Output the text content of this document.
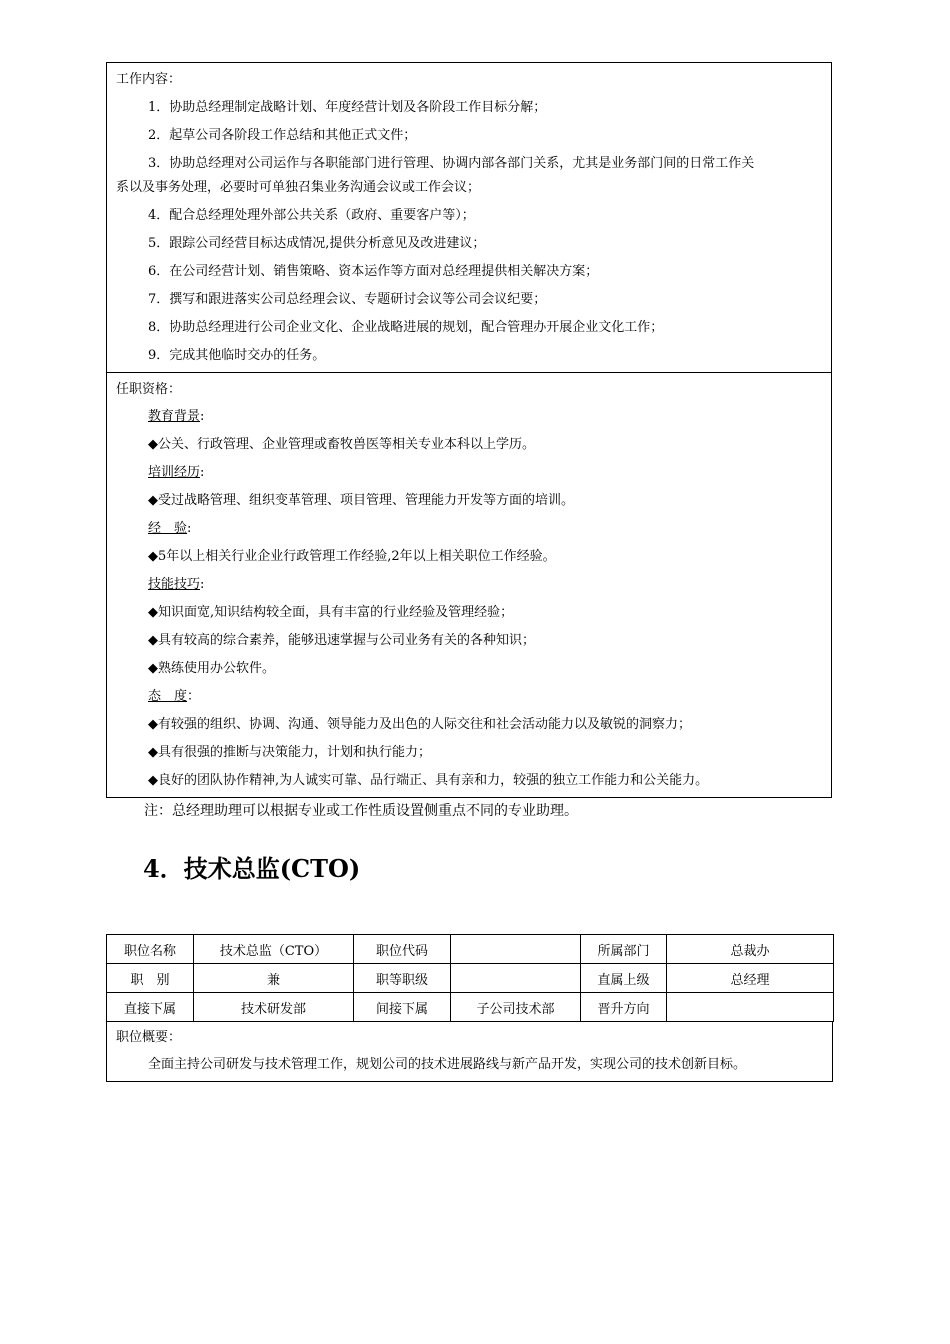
工作内容：
1．协助总经理制定战略计划、年度经营计划及各阶段工作目标分解；
2．起草公司各阶段工作总结和其他正式文件；
3．协助总经理对公司运作与各职能部门进行管理、协调内部各部门关系，尤其是业务部门间的日常工作关
系以及事务处理，必要时可单独召集业务沟通会议或工作会议；
4．配合总经理处理外部公共关系（政府、重要客户等）；
5．跟踪公司经营目标达成情况,提供分析意见及改进建议；
6．在公司经营计划、销售策略、资本运作等方面对总经理提供相关解决方案；
7．撰写和跟进落实公司总经理会议、专题研讨会议等公司会议纪要；
8．协助总经理进行公司企业文化、企业战略进展的规划，配合管理办开展企业文化工作；
9．完成其他临时交办的任务。
任职资格：
教育背景:
◆公关、行政管理、企业管理或畜牧兽医等相关专业本科以上学历。
培训经历:
◆受过战略管理、组织变革管理、项目管理、管理能力开发等方面的培训。
经　验:
◆5年以上相关行业企业行政管理工作经验,2年以上相关职位工作经验。
技能技巧:
◆知识面宽,知识结构较全面，具有丰富的行业经验及管理经验；
◆具有较高的综合素养，能够迅速掌握与公司业务有关的各种知识；
◆熟练使用办公软件。
态　度：
◆有较强的组织、协调、沟通、领导能力及出色的人际交往和社会活动能力以及敏锐的洞察力；
◆具有很强的推断与决策能力，计划和执行能力；
◆良好的团队协作精神,为人诚实可靠、品行端正、具有亲和力，较强的独立工作能力和公关能力。
注：总经理助理可以根据专业或工作性质设置侧重点不同的专业助理。
4．技术总监(CTO)
职位名称	技术总监（CTO）	职位代码		所属部门	总裁办
职　别	兼	职等职级		直属上级	总经理
直接下属	技术研发部	间接下属	子公司技术部	晋升方向	
职位概要：
全面主持公司研发与技术管理工作，规划公司的技术进展路线与新产品开发，实现公司的技术创新目标。
